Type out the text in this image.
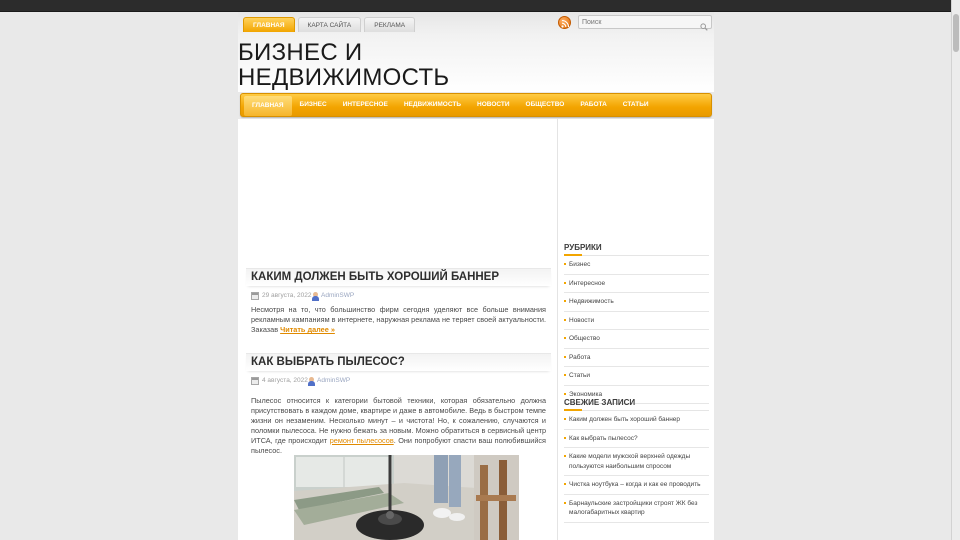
ГЛАВНАЯ	КАРТА САЙТА	РЕКЛАМА
Поиск
БИЗНЕС И
НЕДВИЖИМОСТЬ
ГЛАВНАЯ	БИЗНЕС	ИНТЕРЕСНОЕ	НЕДВИЖИМОСТЬ	НОВОСТИ	ОБЩЕСТВО	РАБОТА	СТАТЬИ
КАКИМ ДОЛЖЕН БЫТЬ ХОРОШИЙ БАННЕР
29 августа, 2022 AdminSWP

Несмотря на то, что большинство фирм сегодня уделяют все больше внимания рекламным кампаниям в интернете, наружная реклама не теряет своей актуальности. Заказав Читать далее »

КАК ВЫБРАТЬ ПЫЛЕСОС?
4 августа, 2022 AdminSWP

Пылесос относится к категории бытовой техники, которая обязательно должна присутствовать в каждом доме, квартире и даже в автомобиле. Ведь в быстром темпе жизни он незаменим. Несколько минут – и чистота! Но, к сожалению, случаются и поломки пылесоса. Не нужно бежать за новым. Можно обратиться в сервисный центр ИТСА, где происходит ремонт пылесосов. Они попробуют спасти ваш полюбившийся пылесос.

РУБРИКИ
Бизнес
Интересное
Недвижимость
Новости
Общество
Работа
Статьи
Экономика
СВЕЖИЕ ЗАПИСИ
Каким должен быть хороший баннер
Как выбрать пылесос?
Какие модели мужской верхней одежды пользуются наибольшим спросом
Чистка ноутбука – когда и как ее проводить
Барнаульские застройщики строят ЖК без малогабаритных квартир
